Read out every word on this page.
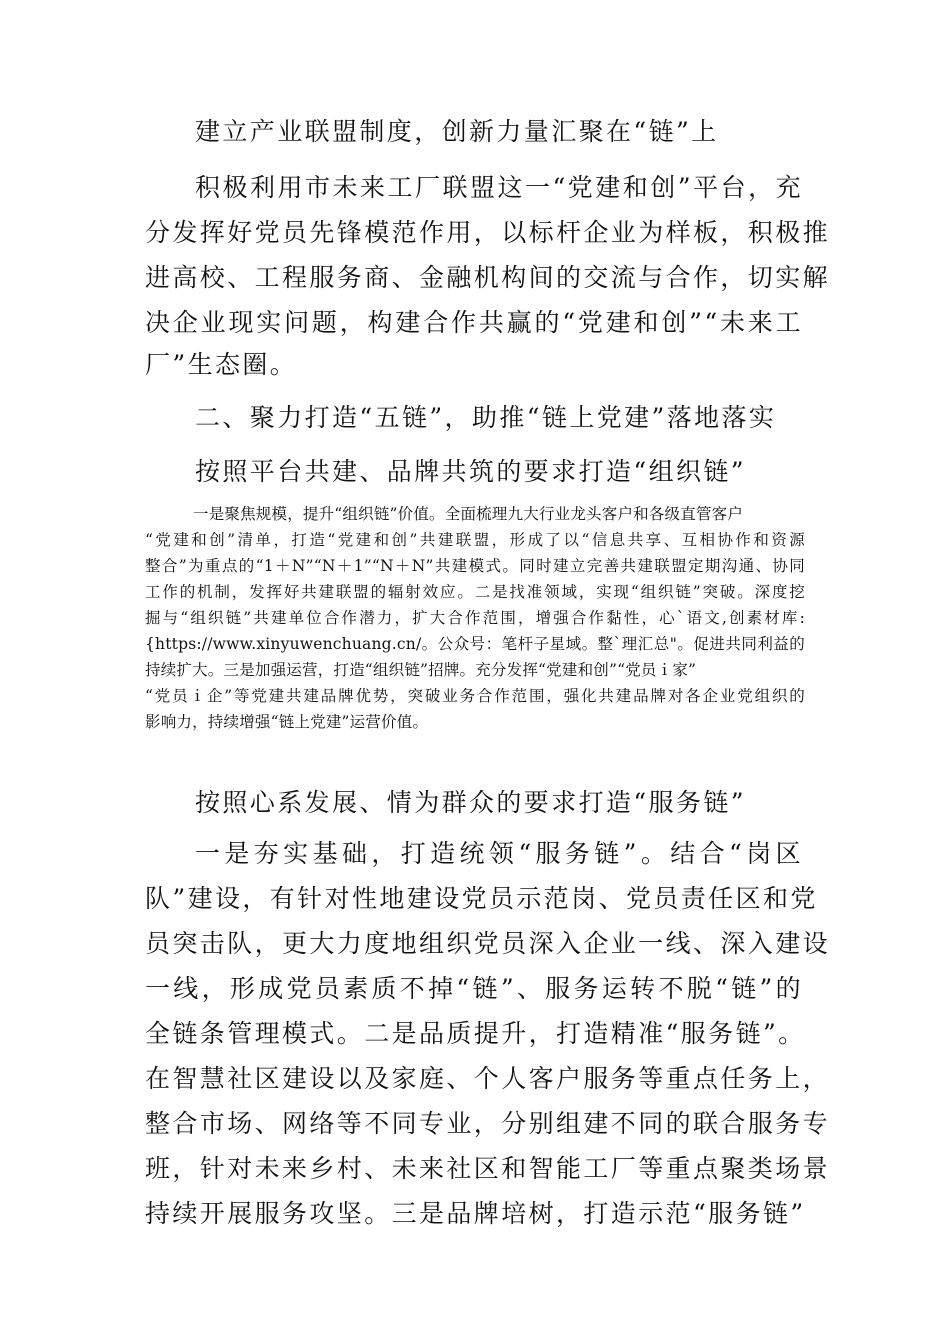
建立产业联盟制度，创新力量汇聚在“链”上

积极利用市未来工厂联盟这一“党建和创”平台，充

分发挥好党员先锋模范作用，以标杆企业为样板，积极推

进高校、工程服务商、金融机构间的交流与合作，切实解

决企业现实问题，构建合作共赢的“党建和创”“未来工

厂”生态圈。

二、聚力打造“五链”，助推“链上党建”落地落实

按照平台共建、品牌共筑的要求打造“组织链”

一是聚焦规模，提升“组织链”价值。全面梳理九大行业龙头客户和各级直管客户

“党建和创”清单，打造“党建和创”共建联盟，形成了以“信息共享、互相协作和资源

整合”为重点的“1＋N”“N＋1”“N＋N”共建模式。同时建立完善共建联盟定期沟通、协同

工作的机制，发挥好共建联盟的辐射效应。二是找准领域，实现“组织链”突破。深度挖

掘与“组织链”共建单位合作潜力，扩大合作范围，增强合作黏性，心`语文,创素材库:

{https://www.xinyuwenchuang.cn/。公众号：笔杆子星域。整`理汇总"。促进共同利益的

持续扩大。三是加强运营，打造“组织链”招牌。充分发挥“党建和创”“党员ｉ家”

“党员ｉ企”等党建共建品牌优势，突破业务合作范围，强化共建品牌对各企业党组织的

影响力，持续增强“链上党建”运营价值。

按照心系发展、情为群众的要求打造“服务链”

一是夯实基础，打造统领“服务链”。结合“岗区

队”建设，有针对性地建设党员示范岗、党员责任区和党

员突击队，更大力度地组织党员深入企业一线、深入建设

一线，形成党员素质不掉“链”、服务运转不脱“链”的

全链条管理模式。二是品质提升，打造精准“服务链”。

在智慧社区建设以及家庭、个人客户服务等重点任务上，

整合市场、网络等不同专业，分别组建不同的联合服务专

班，针对未来乡村、未来社区和智能工厂等重点聚类场景

持续开展服务攻坚。三是品牌培树，打造示范“服务链”
